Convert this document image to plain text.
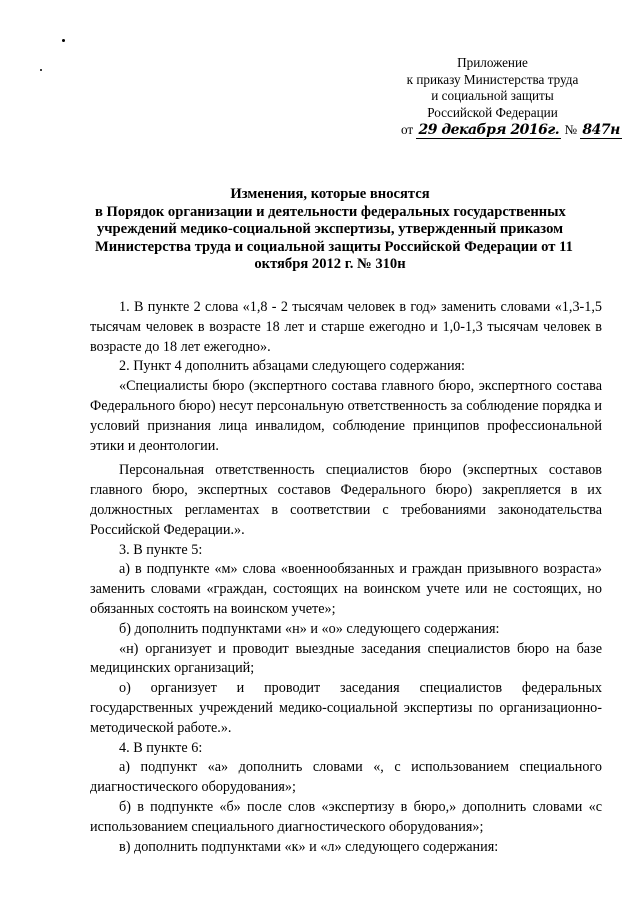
Приложение
к приказу Министерства труда
и социальной защиты
Российской Федерации
от 29 декабря 2016г. № 847н
Изменения, которые вносятся
в Порядок организации и деятельности федеральных государственных
учреждений медико-социальной экспертизы, утвержденный приказом
Министерства труда и социальной защиты Российской Федерации от 11
октября 2012 г. № 310н

1. В пункте 2 слова «1,8 - 2 тысячам человек в год» заменить словами «1,3-1,5 тысячам человек в возрасте 18 лет и старше ежегодно и 1,0-1,3 тысячам человек в возрасте до 18 лет ежегодно».

2. Пункт 4 дополнить абзацами следующего содержания:

«Специалисты бюро (экспертного состава главного бюро, экспертного состава Федерального бюро) несут персональную ответственность за соблюдение порядка и условий признания лица инвалидом, соблюдение принципов профессиональной этики и деонтологии.

Персональная ответственность специалистов бюро (экспертных составов главного бюро, экспертных составов Федерального бюро) закрепляется в их должностных регламентах в соответствии с требованиями законодательства Российской Федерации.».

3. В пункте 5:

а) в подпункте «м» слова «военнообязанных и граждан призывного возраста» заменить словами «граждан, состоящих на воинском учете или не состоящих, но обязанных состоять на воинском учете»;

б) дополнить подпунктами «н» и «о» следующего содержания:

«н) организует и проводит выездные заседания специалистов бюро на базе медицинских организаций;

о) организует и проводит заседания специалистов федеральных государственных учреждений медико-социальной экспертизы по организационно-методической работе.».

4. В пункте 6:

а) подпункт «а» дополнить словами «, с использованием специального диагностического оборудования»;

б) в подпункте «б» после слов «экспертизу в бюро,» дополнить словами «с использованием специального диагностического оборудования»;

в) дополнить подпунктами «к» и «л» следующего содержания:
